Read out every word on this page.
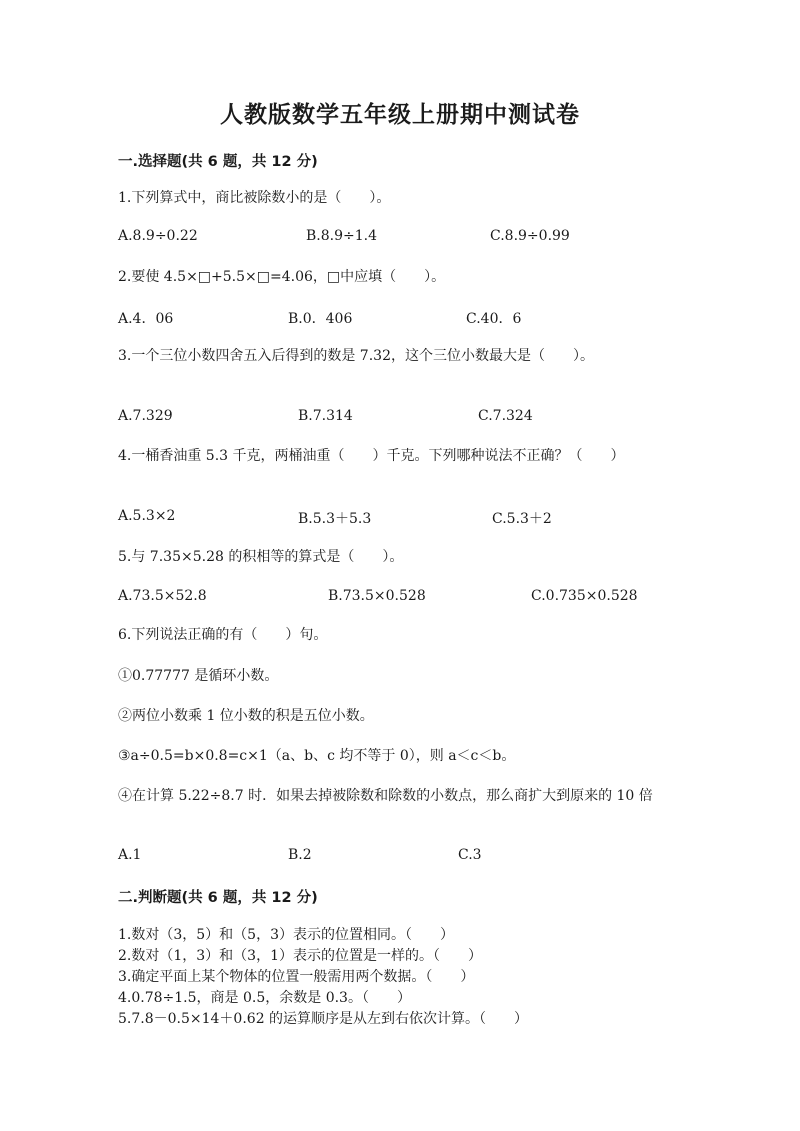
人教版数学五年级上册期中测试卷
一.选择题(共 6 题，共 12 分)
1.下列算式中，商比被除数小的是（　　）。
A.8.9÷0.22	B.8.9÷1.4	C.8.9÷0.99
2.要使 4.5×□+5.5×□=4.06，□中应填（　　）。
A.4．06	B.0．406	C.40．6
3.一个三位小数四舍五入后得到的数是 7.32，这个三位小数最大是（　　）。
A.7.329	B.7.314	C.7.324
4.一桶香油重 5.3 千克，两桶油重（　　）千克。下列哪种说法不正确？（　　）
A.5.3×2	B.5.3＋5.3	C.5.3＋2
5.与 7.35×5.28 的积相等的算式是（　　）。
A.73.5×52.8	B.73.5×0.528	C.0.735×0.528
6.下列说法正确的有（　　）句。
①0.77777 是循环小数。
②两位小数乘 1 位小数的积是五位小数。
③a÷0.5=b×0.8=c×1（a、b、c 均不等于 0），则 a＜c＜b。
④在计算 5.22÷8.7 时．如果去掉被除数和除数的小数点，那么商扩大到原来的 10 倍
A.1	B.2	C.3
二.判断题(共 6 题，共 12 分)
1.数对（3，5）和（5，3）表示的位置相同。（　　）
2.数对（1，3）和（3，1）表示的位置是一样的。（　　）
3.确定平面上某个物体的位置一般需用两个数据。（　　）
4.0.78÷1.5，商是 0.5，余数是 0.3。（　　）
5.7.8－0.5×14＋0.62 的运算顺序是从左到右依次计算。（　　）
